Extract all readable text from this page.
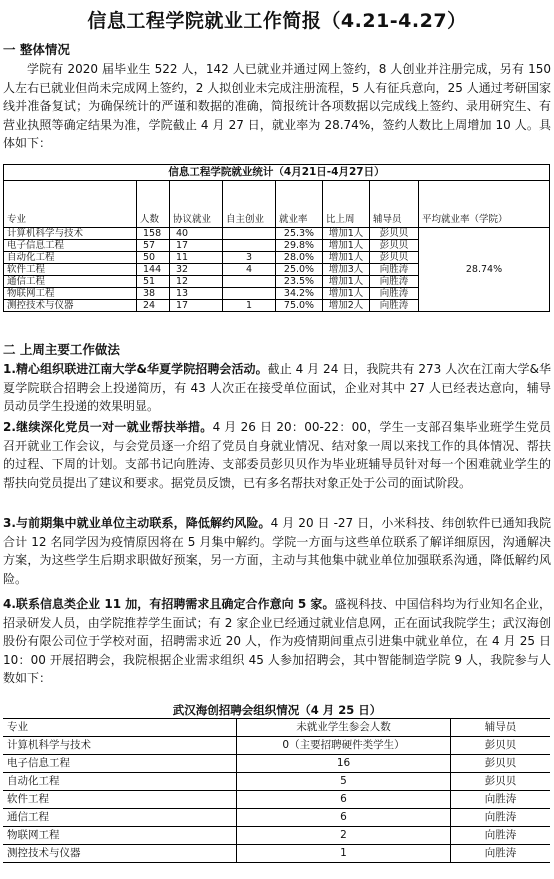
信息工程学院就业工作简报（4.21-4.27）
一 整体情况

学院有 2020 届毕业生 522 人，142 人已就业并通过网上签约，8 人创业并注册完成，另有 150 人左右已就业但尚未完成网上签约，2 人拟创业未完成注册流程，5 人有征兵意向，25 人通过考研国家线并准备复试；为确保统计的严谨和数据的准确，简报统计各项数据以完成线上签约、录用研究生、有营业执照等确定结果为准，学院截止 4 月 27 日，就业率为 28.74%，签约人数比上周增加 10 人。具体如下：

信息工程学院就业统计（4月21日-4月27日）							
专业	人数	协议就业	自主创业	就业率	比上周	辅导员	平均就业率（学院）
计算机科学与技术	158	40		25.3%	增加1人	彭贝贝	28.74%
电子信息工程	57	17		29.8%	增加1人	彭贝贝	
自动化工程	50	11	3	28.0%	增加1人	彭贝贝	
软件工程	144	32	4	25.0%	增加3人	向胜涛	
通信工程	51	12		23.5%	增加1人	向胜涛	
物联网工程	38	13		34.2%	增加1人	向胜涛	
测控技术与仪器	24	17	1	75.0%	增加2人	向胜涛	
二 上周主要工作做法

1.精心组织联进江南大学&华夏学院招聘会活动。截止 4 月 24 日，我院共有 273 人次在江南大学&华夏学院联合招聘会上投递简历，有 43 人次正在接受单位面试，企业对其中 27 人已经表达意向，辅导员动员学生投递的效果明显。

2.继续深化党员一对一就业帮扶举措。4 月 26 日 20：00-22：00，学生一支部召集毕业班学生党员召开就业工作会议，与会党员逐一介绍了党员自身就业情况、结对象一周以来找工作的具体情况、帮扶的过程、下周的计划。支部书记向胜涛、支部委员彭贝贝作为毕业班辅导员针对每一个困难就业学生的帮扶向党员提出了建议和要求。据党员反馈，已有多名帮扶对象正处于公司的面试阶段。

3.与前期集中就业单位主动联系，降低解约风险。4 月 20 日 -27 日，小米科技、纬创软件已通知我院合计 12 名同学因为疫情原因将在 5 月集中解约。学院一方面与这些单位联系了解详细原因，沟通解决方案，为这些学生后期求职做好预案，另一方面，主动与其他集中就业单位加强联系沟通，降低解约风险。

4.联系信息类企业 11 加，有招聘需求且确定合作意向 5 家。盛视科技、中国信科均为行业知名企业，招录研发人员，由学院推荐学生面试；有 2 家企业已经通过就业信息网，正在面试我院学生；武汉海创股份有限公司位于学校对面，招聘需求近 20 人，作为疫情期间重点引进集中就业单位，在 4 月 25 日 10：00 开展招聘会，我院根据企业需求组织 45 人参加招聘会，其中智能制造学院 9 人，我院参与人数如下：

武汉海创招聘会组织情况（4 月 25 日）
专业	未就业学生参会人数	辅导员
计算机科学与技术	0（主要招聘硬件类学生）	彭贝贝
电子信息工程	16	彭贝贝
自动化工程	5	彭贝贝
软件工程	6	向胜涛
通信工程	6	向胜涛
物联网工程	2	向胜涛
测控技术与仪器	1	向胜涛
